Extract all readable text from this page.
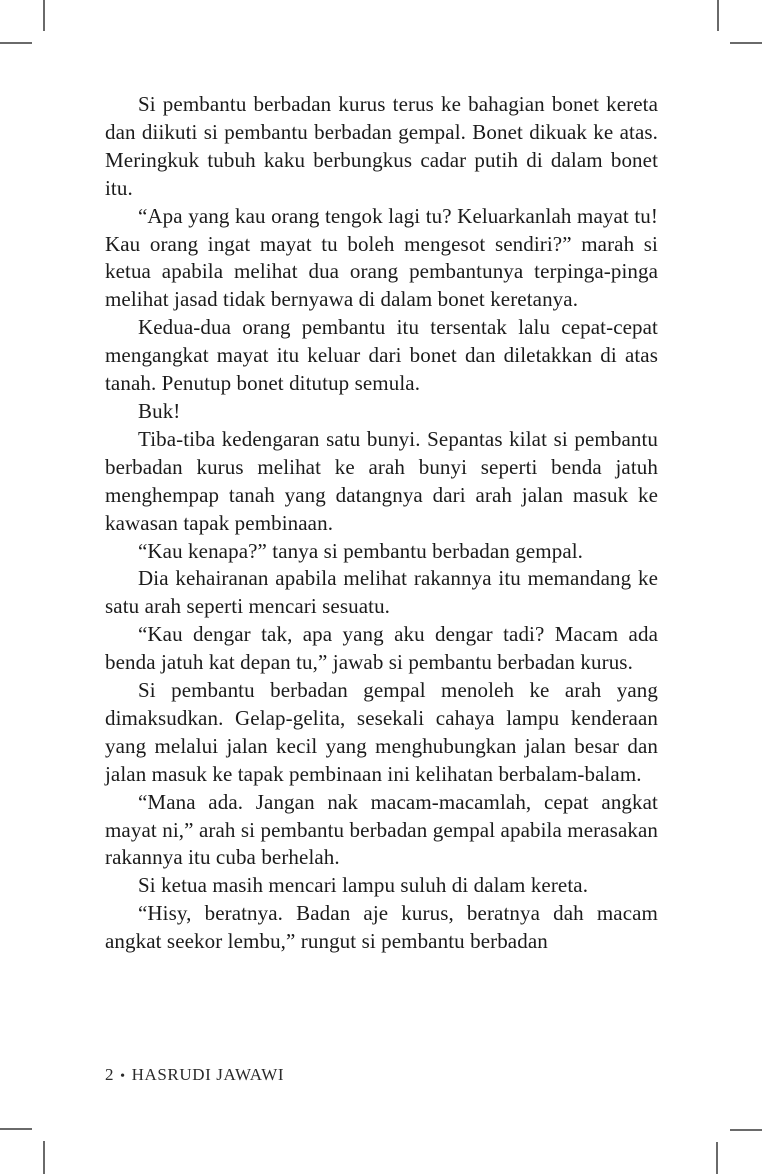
Si pembantu berbadan kurus terus ke bahagian bonet kereta dan diikuti si pembantu berbadan gempal. Bonet dikuak ke atas. Meringkuk tubuh kaku berbungkus cadar putih di dalam bonet itu.

“Apa yang kau orang tengok lagi tu? Keluarkanlah mayat tu! Kau orang ingat mayat tu boleh mengesot sendiri?” marah si ketua apabila melihat dua orang pembantunya terpinga-pinga melihat jasad tidak bernyawa di dalam bonet keretanya.

Kedua-dua orang pembantu itu tersentak lalu cepat-cepat mengangkat mayat itu keluar dari bonet dan diletakkan di atas tanah. Penutup bonet ditutup semula.

Buk!

Tiba-tiba kedengaran satu bunyi. Sepantas kilat si pembantu berbadan kurus melihat ke arah bunyi seperti benda jatuh menghempap tanah yang datangnya dari arah jalan masuk ke kawasan tapak pembinaan.

“Kau kenapa?” tanya si pembantu berbadan gempal.

Dia kehairanan apabila melihat rakannya itu memandang ke satu arah seperti mencari sesuatu.

“Kau dengar tak, apa yang aku dengar tadi? Macam ada benda jatuh kat depan tu,” jawab si pembantu berbadan kurus.

Si pembantu berbadan gempal menoleh ke arah yang dimaksudkan. Gelap-gelita, sesekali cahaya lampu kenderaan yang melalui jalan kecil yang menghubungkan jalan besar dan jalan masuk ke tapak pembinaan ini kelihatan berbalam-balam.

“Mana ada. Jangan nak macam-macamlah, cepat angkat mayat ni,” arah si pembantu berbadan gempal apabila merasakan rakannya itu cuba berhelah.

Si ketua masih mencari lampu suluh di dalam kereta.

“Hisy, beratnya. Badan aje kurus, beratnya dah macam angkat seekor lembu,” rungut si pembantu berbadan

2 • HASRUDI JAWAWI
